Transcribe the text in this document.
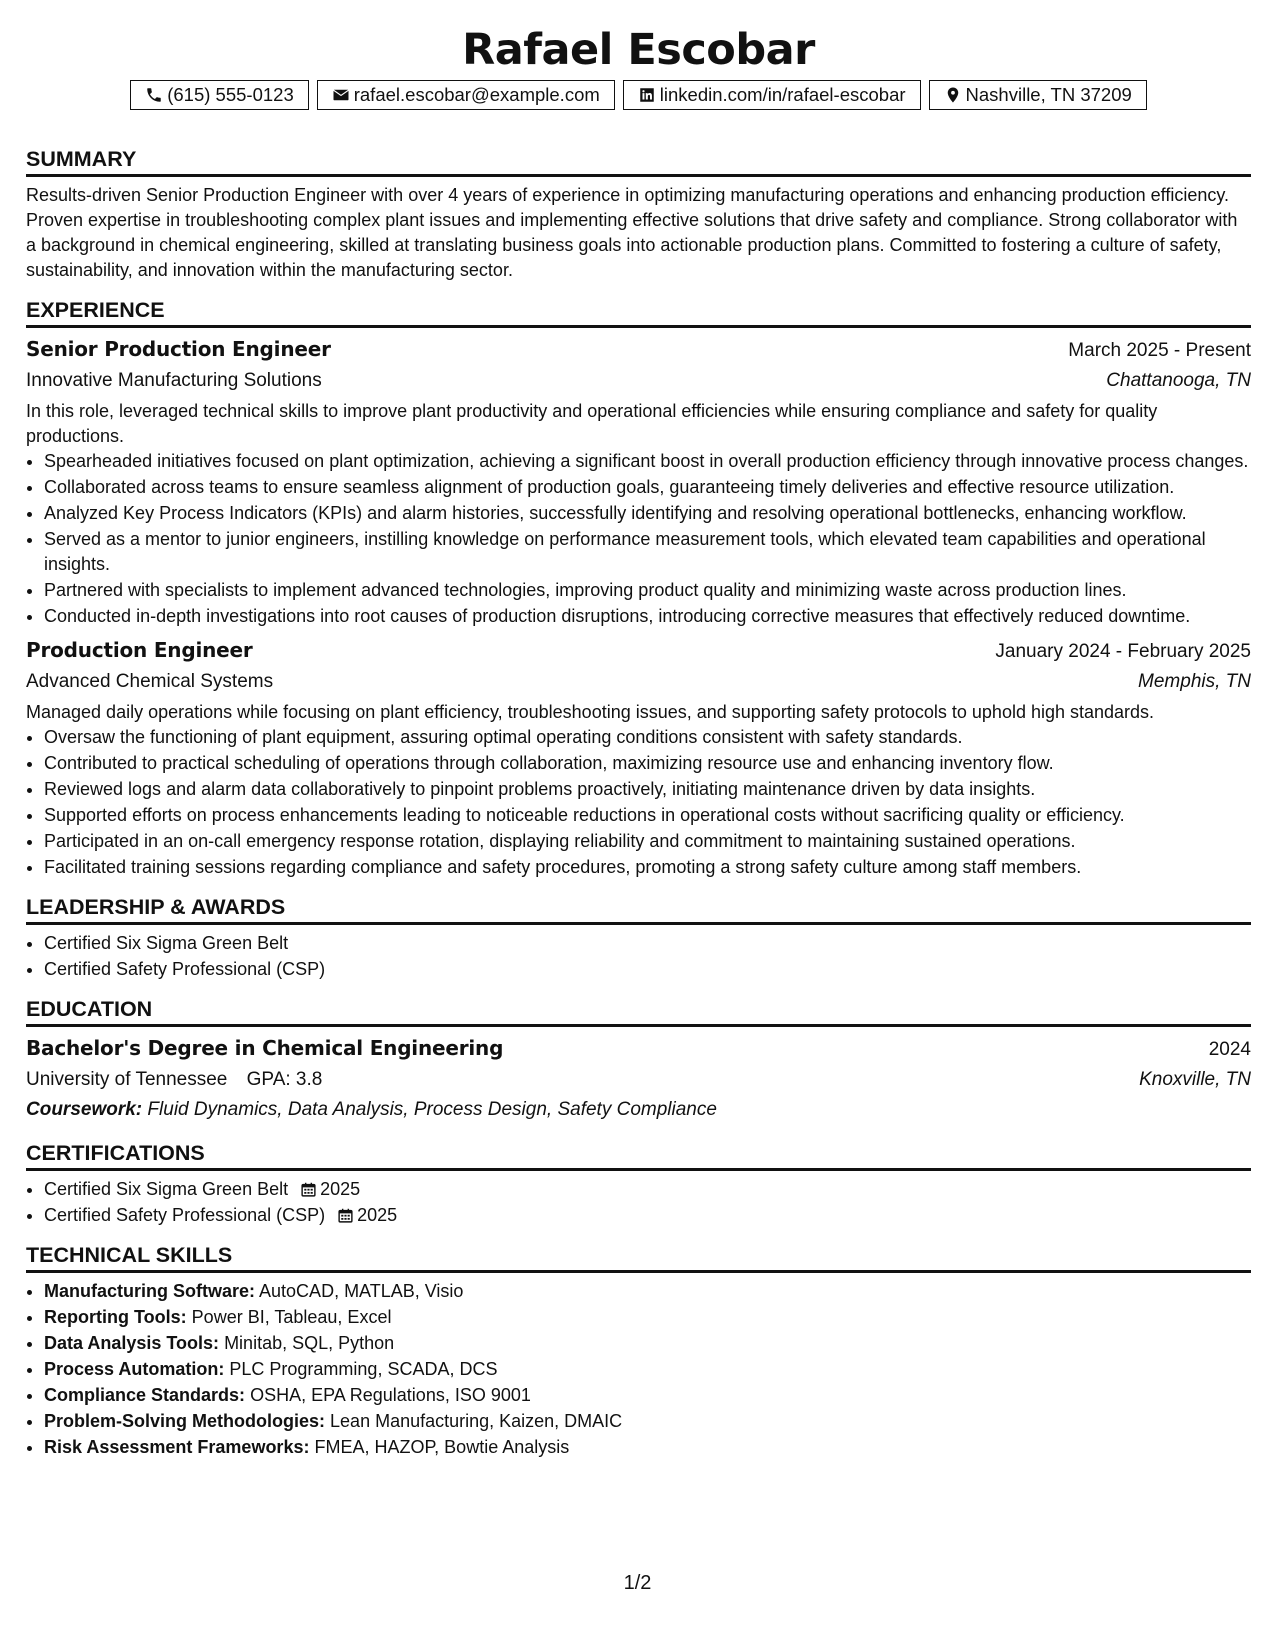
Rafael Escobar
(615) 555-0123	rafael.escobar@example.com	linkedin.com/in/rafael-escobar	Nashville, TN 37209
SUMMARY

Results-driven Senior Production Engineer with over 4 years of experience in optimizing manufacturing operations and enhancing production efficiency. Proven expertise in troubleshooting complex plant issues and implementing effective solutions that drive safety and compliance. Strong collaborator with a background in chemical engineering, skilled at translating business goals into actionable production plans. Committed to fostering a culture of safety, sustainability, and innovation within the manufacturing sector.

EXPERIENCE
Senior Production Engineer	March 2025 - Present
Innovative Manufacturing Solutions	Chattanooga, TN

In this role, leveraged technical skills to improve plant productivity and operational efficiencies while ensuring compliance and safety for quality productions.

• Spearheaded initiatives focused on plant optimization, achieving a significant boost in overall production efficiency through innovative process changes.
• Collaborated across teams to ensure seamless alignment of production goals, guaranteeing timely deliveries and effective resource utilization.
• Analyzed Key Process Indicators (KPIs) and alarm histories, successfully identifying and resolving operational bottlenecks, enhancing workflow.
• Served as a mentor to junior engineers, instilling knowledge on performance measurement tools, which elevated team capabilities and operational insights.
• Partnered with specialists to implement advanced technologies, improving product quality and minimizing waste across production lines.
• Conducted in-depth investigations into root causes of production disruptions, introducing corrective measures that effectively reduced downtime.
Production Engineer	January 2024 - February 2025
Advanced Chemical Systems	Memphis, TN

Managed daily operations while focusing on plant efficiency, troubleshooting issues, and supporting safety protocols to uphold high standards.

• Oversaw the functioning of plant equipment, assuring optimal operating conditions consistent with safety standards.
• Contributed to practical scheduling of operations through collaboration, maximizing resource use and enhancing inventory flow.
• Reviewed logs and alarm data collaboratively to pinpoint problems proactively, initiating maintenance driven by data insights.
• Supported efforts on process enhancements leading to noticeable reductions in operational costs without sacrificing quality or efficiency.
• Participated in an on-call emergency response rotation, displaying reliability and commitment to maintaining sustained operations.
• Facilitated training sessions regarding compliance and safety procedures, promoting a strong safety culture among staff members.
LEADERSHIP & AWARDS
• Certified Six Sigma Green Belt
• Certified Safety Professional (CSP)
EDUCATION
Bachelor's Degree in Chemical Engineering	2024
University of Tennessee GPA: 3.8	Knoxville, TN
Coursework: Fluid Dynamics, Data Analysis, Process Design, Safety Compliance
CERTIFICATIONS
• Certified Six Sigma Green Belt 2025
• Certified Safety Professional (CSP) 2025
TECHNICAL SKILLS
• Manufacturing Software: AutoCAD, MATLAB, Visio
• Reporting Tools: Power BI, Tableau, Excel
• Data Analysis Tools: Minitab, SQL, Python
• Process Automation: PLC Programming, SCADA, DCS
• Compliance Standards: OSHA, EPA Regulations, ISO 9001
• Problem-Solving Methodologies: Lean Manufacturing, Kaizen, DMAIC
• Risk Assessment Frameworks: FMEA, HAZOP, Bowtie Analysis
1/2
